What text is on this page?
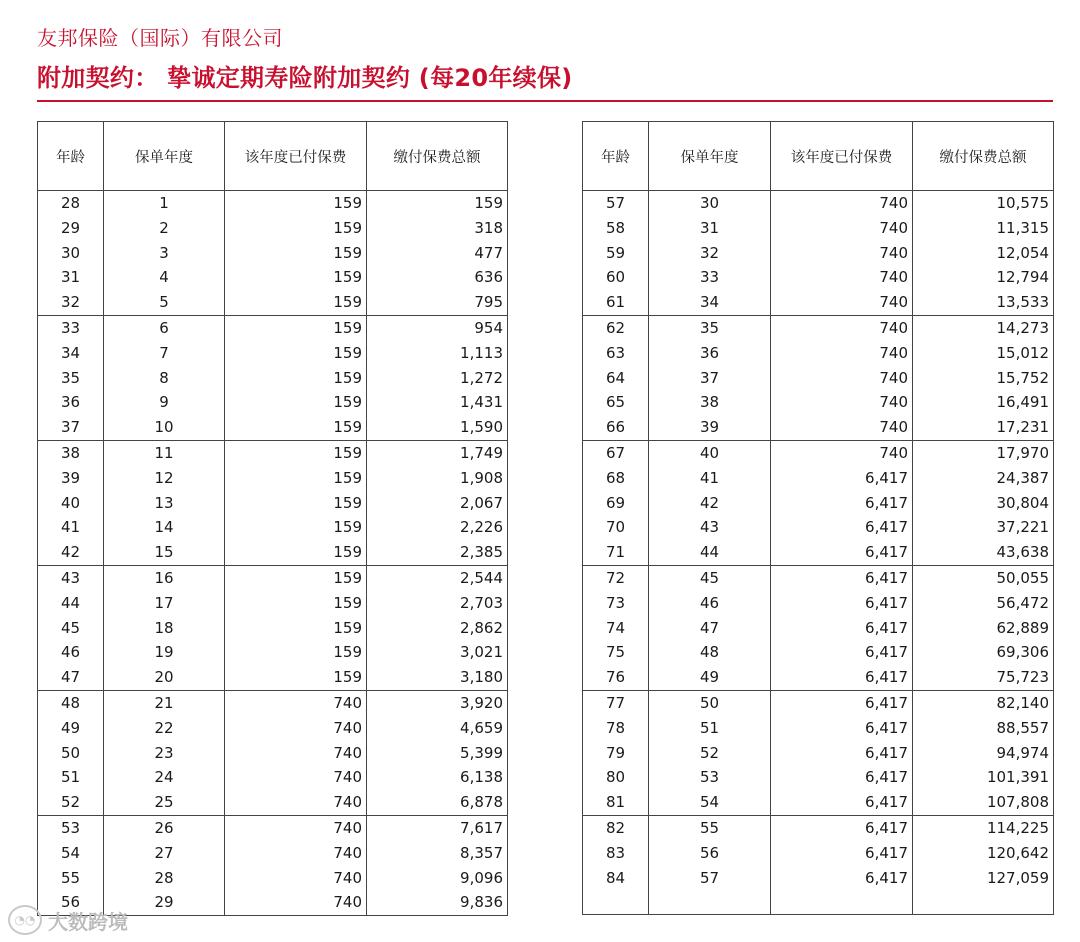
友邦保险（国际）有限公司
附加契约： 挚诚定期寿险附加契约 (每20年续保)
年龄	保单年度	该年度已付保费	缴付保费总额
28	1	159	159
29	2	159	318
30	3	159	477
31	4	159	636
32	5	159	795
33	6	159	954
34	7	159	1,113
35	8	159	1,272
36	9	159	1,431
37	10	159	1,590
38	11	159	1,749
39	12	159	1,908
40	13	159	2,067
41	14	159	2,226
42	15	159	2,385
43	16	159	2,544
44	17	159	2,703
45	18	159	2,862
46	19	159	3,021
47	20	159	3,180
48	21	740	3,920
49	22	740	4,659
50	23	740	5,399
51	24	740	6,138
52	25	740	6,878
53	26	740	7,617
54	27	740	8,357
55	28	740	9,096
56	29	740	9,836
年龄	保单年度	该年度已付保费	缴付保费总额
57	30	740	10,575
58	31	740	11,315
59	32	740	12,054
60	33	740	12,794
61	34	740	13,533
62	35	740	14,273
63	36	740	15,012
64	37	740	15,752
65	38	740	16,491
66	39	740	17,231
67	40	740	17,970
68	41	6,417	24,387
69	42	6,417	30,804
70	43	6,417	37,221
71	44	6,417	43,638
72	45	6,417	50,055
73	46	6,417	56,472
74	47	6,417	62,889
75	48	6,417	69,306
76	49	6,417	75,723
77	50	6,417	82,140
78	51	6,417	88,557
79	52	6,417	94,974
80	53	6,417	101,391
81	54	6,417	107,808
82	55	6,417	114,225
83	56	6,417	120,642
84	57	6,417	127,059

◔◔ 大数跨境
